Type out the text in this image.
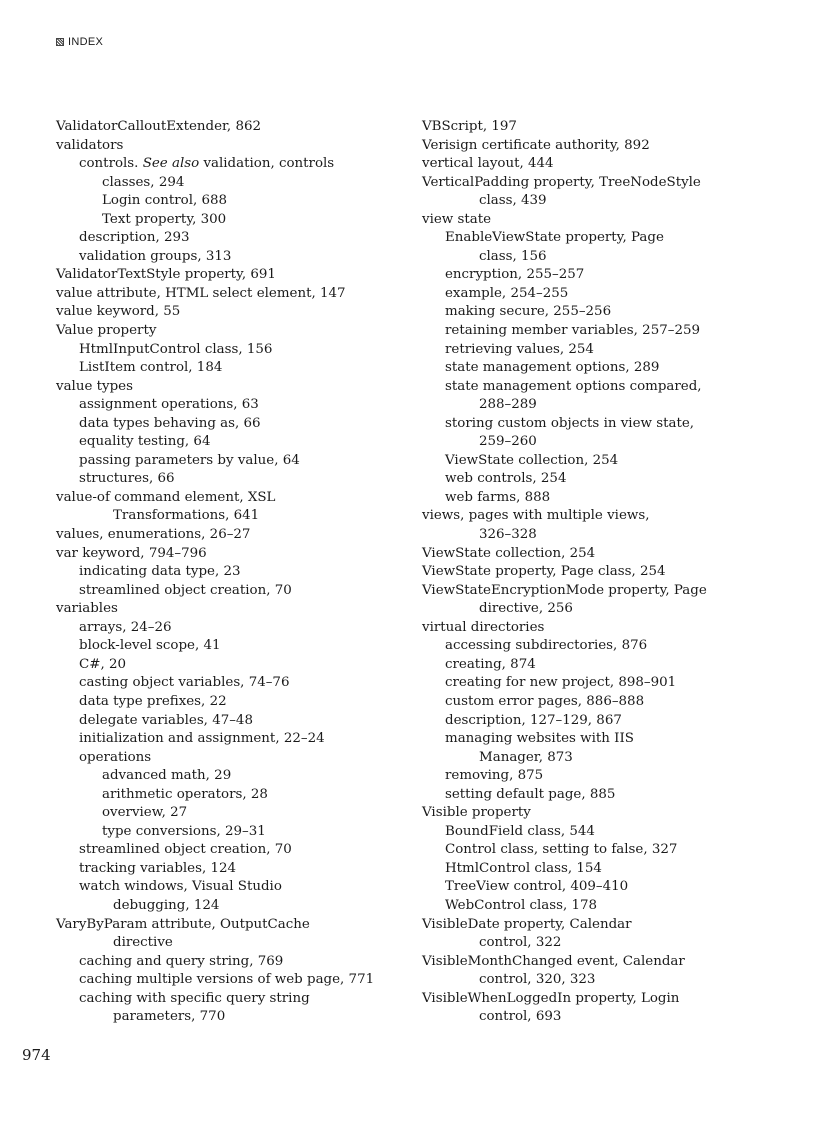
INDEX
ValidatorCalloutExtender, 862
validators
controls. See also validation, controls
classes, 294
Login control, 688
Text property, 300
description, 293
validation groups, 313
ValidatorTextStyle property, 691
value attribute, HTML select element, 147
value keyword, 55
Value property
HtmlInputControl class, 156
ListItem control, 184
value types
assignment operations, 63
data types behaving as, 66
equality testing, 64
passing parameters by value, 64
structures, 66
value-of command element, XSL
Transformations, 641
values, enumerations, 26–27
var keyword, 794–796
indicating data type, 23
streamlined object creation, 70
variables
arrays, 24–26
block-level scope, 41
C#, 20
casting object variables, 74–76
data type prefixes, 22
delegate variables, 47–48
initialization and assignment, 22–24
operations
advanced math, 29
arithmetic operators, 28
overview, 27
type conversions, 29–31
streamlined object creation, 70
tracking variables, 124
watch windows, Visual Studio
debugging, 124
VaryByParam attribute, OutputCache
directive
caching and query string, 769
caching multiple versions of web page, 771
caching with specific query string
parameters, 770
VBScript, 197
Verisign certificate authority, 892
vertical layout, 444
VerticalPadding property, TreeNodeStyle
class, 439
view state
EnableViewState property, Page
class, 156
encryption, 255–257
example, 254–255
making secure, 255–256
retaining member variables, 257–259
retrieving values, 254
state management options, 289
state management options compared,
288–289
storing custom objects in view state,
259–260
ViewState collection, 254
web controls, 254
web farms, 888
views, pages with multiple views,
326–328
ViewState collection, 254
ViewState property, Page class, 254
ViewStateEncryptionMode property, Page
directive, 256
virtual directories
accessing subdirectories, 876
creating, 874
creating for new project, 898–901
custom error pages, 886–888
description, 127–129, 867
managing websites with IIS
Manager, 873
removing, 875
setting default page, 885
Visible property
BoundField class, 544
Control class, setting to false, 327
HtmlControl class, 154
TreeView control, 409–410
WebControl class, 178
VisibleDate property, Calendar
control, 322
VisibleMonthChanged event, Calendar
control, 320, 323
VisibleWhenLoggedIn property, Login
control, 693
974
